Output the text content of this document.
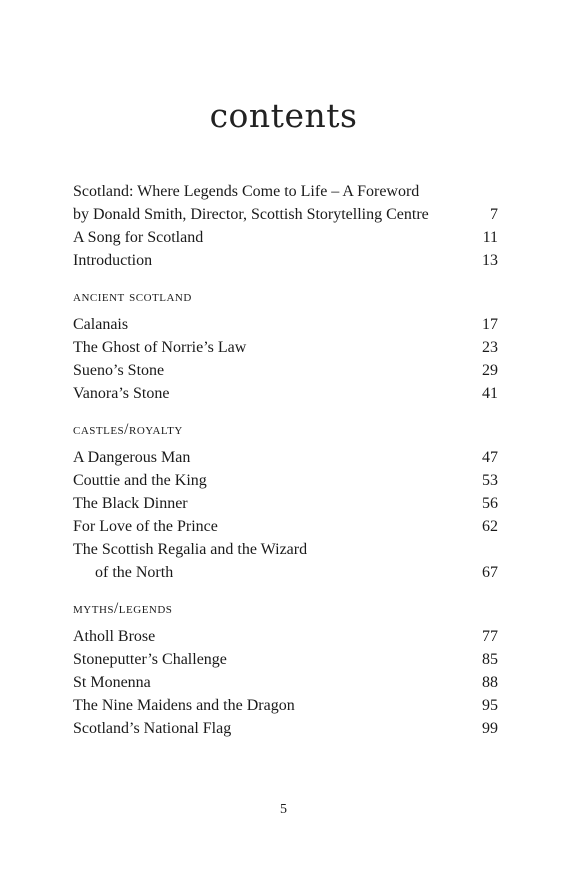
contents
Scotland: Where Legends Come to Life – A Foreword
by Donald Smith, Director, Scottish Storytelling Centre	7
A Song for Scotland	11
Introduction	13
ancient scotland
Calanais	17
The Ghost of Norrie’s Law	23
Sueno’s Stone	29
Vanora’s Stone	41
castles/royalty
A Dangerous Man	47
Couttie and the King	53
The Black Dinner	56
For Love of the Prince	62
The Scottish Regalia and the Wizard
of the North	67
myths/legends
Atholl Brose	77
Stoneputter’s Challenge	85
St Monenna	88
The Nine Maidens and the Dragon	95
Scotland’s National Flag	99
5
